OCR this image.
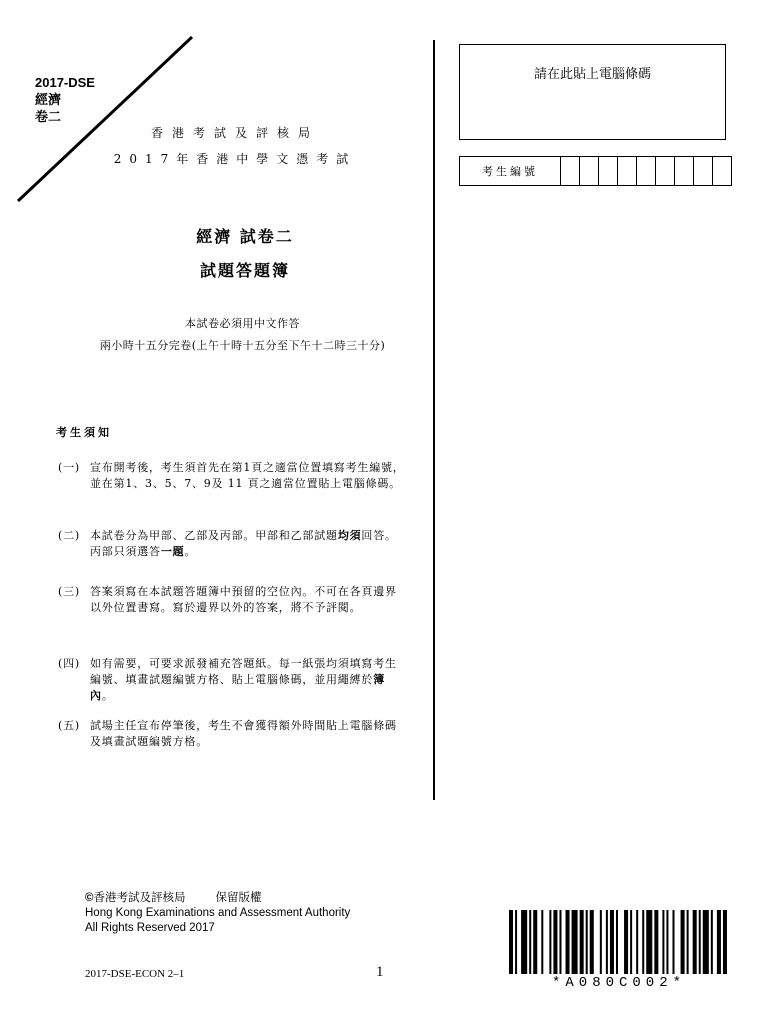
2017-DSE
經濟
卷二
香港考試及評核局
2017年香港中學文憑考試
經濟 試卷二
試題答題簿
本試卷必須用中文作答
兩小時十五分完卷(上午十時十五分至下午十二時三十分)
考生須知
(一) 宣布開考後，考生須首先在第1頁之適當位置填寫考生編號，並在第1、3、5、7、9及 11 頁之適當位置貼上電腦條碼。
(二) 本試卷分為甲部、乙部及丙部。甲部和乙部試題均須回答。丙部只須選答一題。
(三) 答案須寫在本試題答題簿中預留的空位內。不可在各頁邊界以外位置書寫。寫於邊界以外的答案，將不予評閱。
(四) 如有需要，可要求派發補充答題紙。每一紙張均須填寫考生編號、填畫試題編號方格、貼上電腦條碼，並用繩縛於簿內。
(五) 試場主任宣布停筆後，考生不會獲得額外時間貼上電腦條碼及填畫試題編號方格。
請在此貼上電腦條碼
考生編號
©香港考試及評核局	保留版權
Hong Kong Examinations and Assessment Authority
All Rights Reserved 2017
2017-DSE-ECON 2–1	1
*A080C002*
